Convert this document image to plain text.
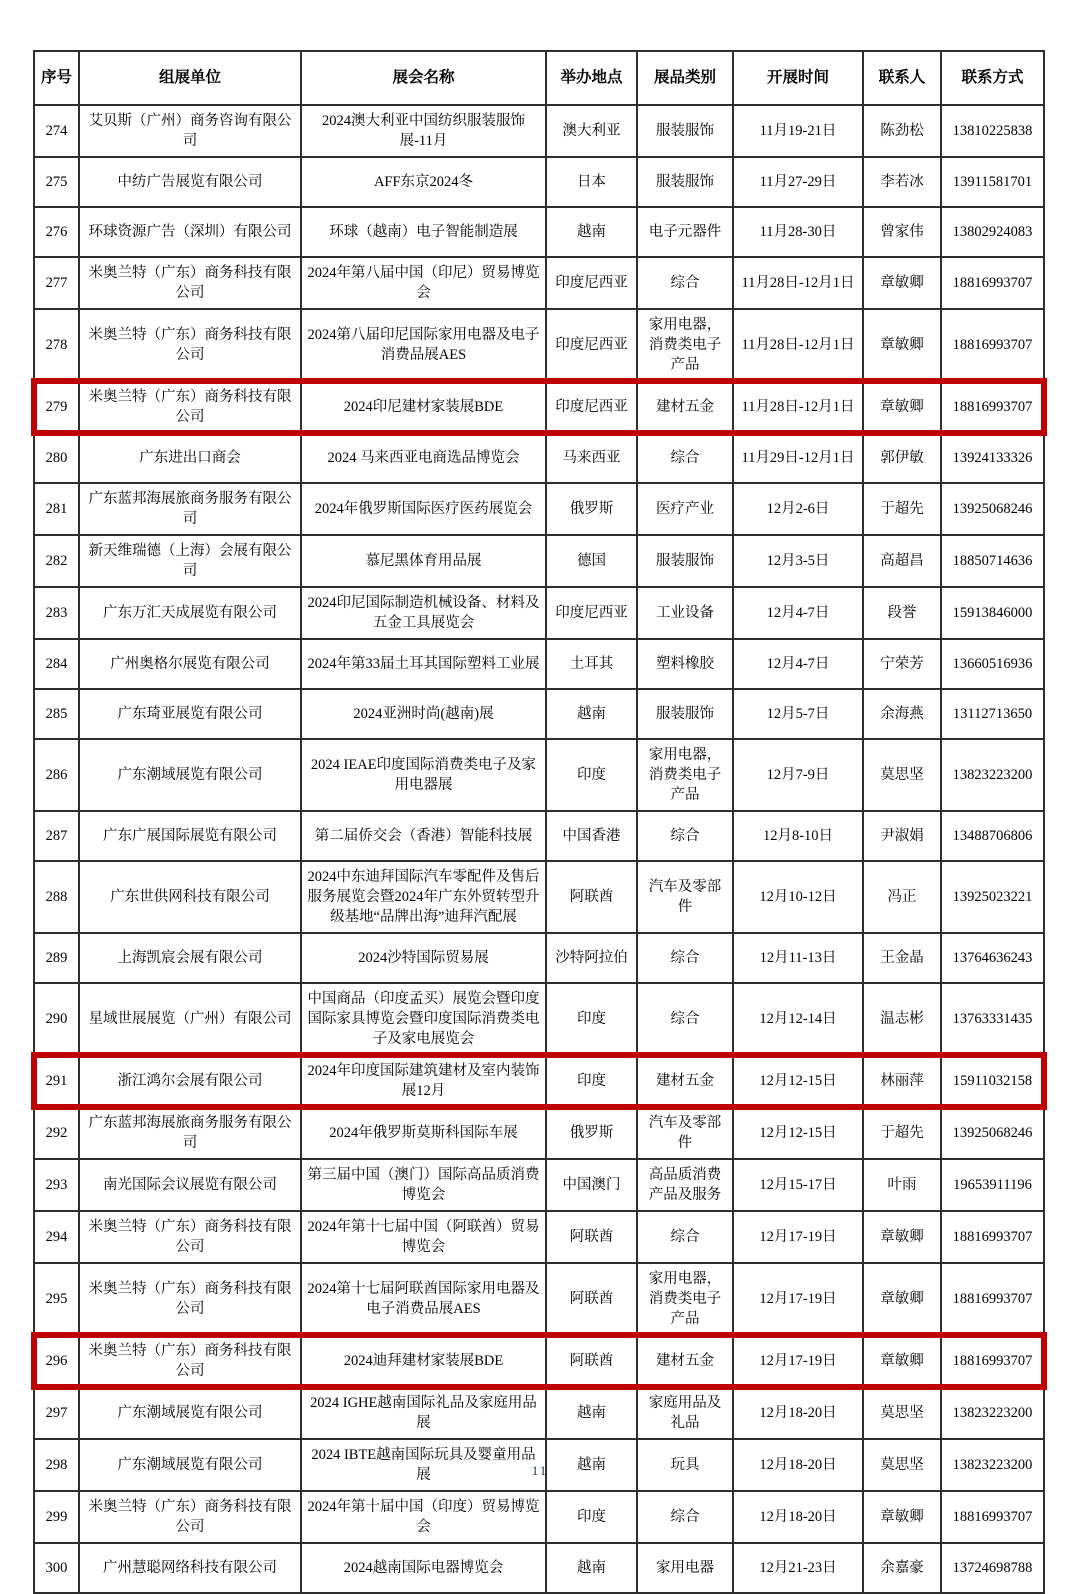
序号	组展单位	展会名称	举办地点	展品类别	开展时间	联系人	联系方式
274	艾贝斯（广州）商务咨询有限公司	2024澳大利亚中国纺织服装服饰展-11月	澳大利亚	服装服饰	11月19-21日	陈劲松	13810225838
275	中纺广告展览有限公司	AFF东京2024冬	日本	服装服饰	11月27-29日	李若冰	13911581701
276	环球资源广告（深圳）有限公司	环球（越南）电子智能制造展	越南	电子元器件	11月28-30日	曾家伟	13802924083
277	米奥兰特（广东）商务科技有限公司	2024年第八届中国（印尼）贸易博览会	印度尼西亚	综合	11月28日-12月1日	章敏卿	18816993707
278	米奥兰特（广东）商务科技有限公司	2024第八届印尼国际家用电器及电子消费品展AES	印度尼西亚	家用电器，消费类电子产品	11月28日-12月1日	章敏卿	18816993707
279	米奥兰特（广东）商务科技有限公司	2024印尼建材家装展BDE	印度尼西亚	建材五金	11月28日-12月1日	章敏卿	18816993707
280	广东进出口商会	2024 马来西亚电商选品博览会	马来西亚	综合	11月29日-12月1日	郭伊敏	13924133326
281	广东蓝邦海展旅商务服务有限公司	2024年俄罗斯国际医疗医药展览会	俄罗斯	医疗产业	12月2-6日	于超先	13925068246
282	新天维瑞德（上海）会展有限公司	慕尼黑体育用品展	德国	服装服饰	12月3-5日	高超昌	18850714636
283	广东万汇天成展览有限公司	2024印尼国际制造机械设备、材料及五金工具展览会	印度尼西亚	工业设备	12月4-7日	段誉	15913846000
284	广州奥格尔展览有限公司	2024年第33届土耳其国际塑料工业展	土耳其	塑料橡胶	12月4-7日	宁荣芳	13660516936
285	广东琦亚展览有限公司	2024亚洲时尚(越南)展	越南	服装服饰	12月5-7日	余海燕	13112713650
286	广东潮域展览有限公司	2024 IEAE印度国际消费类电子及家用电器展	印度	家用电器，消费类电子产品	12月7-9日	莫思坚	13823223200
287	广东广展国际展览有限公司	第二届侨交会（香港）智能科技展	中国香港	综合	12月8-10日	尹淑娟	13488706806
288	广东世供网科技有限公司	2024中东迪拜国际汽车零配件及售后服务展览会暨2024年广东外贸转型升级基地“品牌出海”迪拜汽配展	阿联酋	汽车及零部件	12月10-12日	冯正	13925023221
289	上海凯宸会展有限公司	2024沙特国际贸易展	沙特阿拉伯	综合	12月11-13日	王金晶	13764636243
290	星域世展展览（广州）有限公司	中国商品（印度孟买）展览会暨印度国际家具博览会暨印度国际消费类电子及家电展览会	印度	综合	12月12-14日	温志彬	13763331435
291	浙江鸿尔会展有限公司	2024年印度国际建筑建材及室内装饰展12月	印度	建材五金	12月12-15日	林丽萍	15911032158
292	广东蓝邦海展旅商务服务有限公司	2024年俄罗斯莫斯科国际车展	俄罗斯	汽车及零部件	12月12-15日	于超先	13925068246
293	南光国际会议展览有限公司	第三届中国（澳门）国际高品质消费博览会	中国澳门	高品质消费产品及服务	12月15-17日	叶雨	19653911196
294	米奥兰特（广东）商务科技有限公司	2024年第十七届中国（阿联酋）贸易博览会	阿联酋	综合	12月17-19日	章敏卿	18816993707
295	米奥兰特（广东）商务科技有限公司	2024第十七届阿联酋国际家用电器及电子消费品展AES	阿联酋	家用电器，消费类电子产品	12月17-19日	章敏卿	18816993707
296	米奥兰特（广东）商务科技有限公司	2024迪拜建材家装展BDE	阿联酋	建材五金	12月17-19日	章敏卿	18816993707
297	广东潮域展览有限公司	2024 IGHE越南国际礼品及家庭用品展	越南	家庭用品及礼品	12月18-20日	莫思坚	13823223200
298	广东潮域展览有限公司	2024 IBTE越南国际玩具及婴童用品展	越南	玩具	12月18-20日	莫思坚	13823223200
299	米奥兰特（广东）商务科技有限公司	2024年第十届中国（印度）贸易博览会	印度	综合	12月18-20日	章敏卿	18816993707
300	广州慧聪网络科技有限公司	2024越南国际电器博览会	越南	家用电器	12月21-23日	余嘉豪	13724698788
11
